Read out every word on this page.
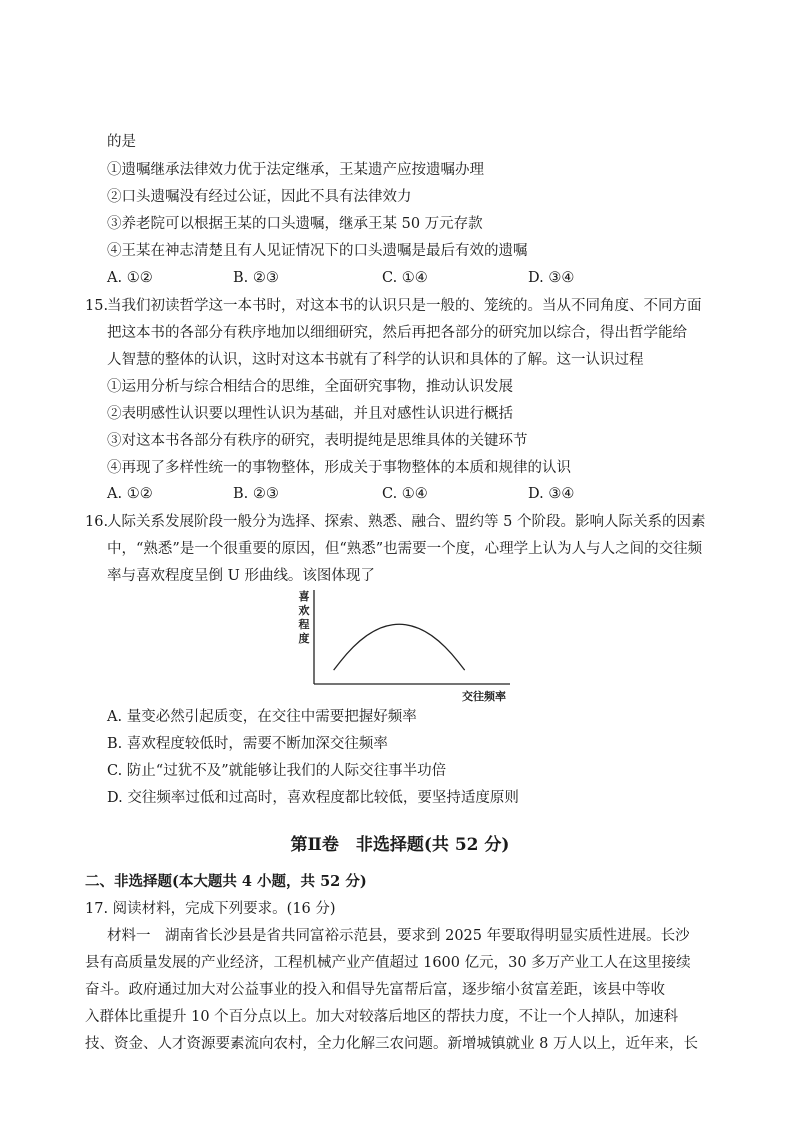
的是
①遗嘱继承法律效力优于法定继承，王某遗产应按遗嘱办理
②口头遗嘱没有经过公证，因此不具有法律效力
③养老院可以根据王某的口头遗嘱，继承王某 50 万元存款
④王某在神志清楚且有人见证情况下的口头遗嘱是最后有效的遗嘱
A. ①②	B. ②③	C. ①④	D. ③④
15.
当我们初读哲学这一本书时，对这本书的认识只是一般的、笼统的。当从不同角度、不同方面
把这本书的各部分有秩序地加以细细研究，然后再把各部分的研究加以综合，得出哲学能给
人智慧的整体的认识，这时对这本书就有了科学的认识和具体的了解。这一认识过程
①运用分析与综合相结合的思维，全面研究事物，推动认识发展
②表明感性认识要以理性认识为基础，并且对感性认识进行概括
③对这本书各部分有秩序的研究，表明提纯是思维具体的关键环节
④再现了多样性统一的事物整体，形成关于事物整体的本质和规律的认识
A. ①②	B. ②③	C. ①④	D. ③④
16.
人际关系发展阶段一般分为选择、探索、熟悉、融合、盟约等 5 个阶段。影响人际关系的因素
中，“熟悉”是一个很重要的原因，但“熟悉”也需要一个度，心理学上认为人与人之间的交往频
率与喜欢程度呈倒 U 形曲线。该图体现了
喜
欢
程
度
交往频率
A. 量变必然引起质变，在交往中需要把握好频率
B. 喜欢程度较低时，需要不断加深交往频率
C. 防止“过犹不及”就能够让我们的人际交往事半功倍
D. 交往频率过低和过高时，喜欢程度都比较低，要坚持适度原则
第Ⅱ卷　非选择题(共 52 分)
二、非选择题(本大题共 4 小题，共 52 分)
17. 阅读材料，完成下列要求。(16 分)
材料一　湖南省长沙县是省共同富裕示范县，要求到 2025 年要取得明显实质性进展。长沙
县有高质量发展的产业经济，工程机械产业产值超过 1600 亿元，30 多万产业工人在这里接续
奋斗。政府通过加大对公益事业的投入和倡导先富帮后富，逐步缩小贫富差距，该县中等收
入群体比重提升 10 个百分点以上。加大对较落后地区的帮扶力度，不让一个人掉队，加速科
技、资金、人才资源要素流向农村，全力化解三农问题。新增城镇就业 8 万人以上，近年来，长
